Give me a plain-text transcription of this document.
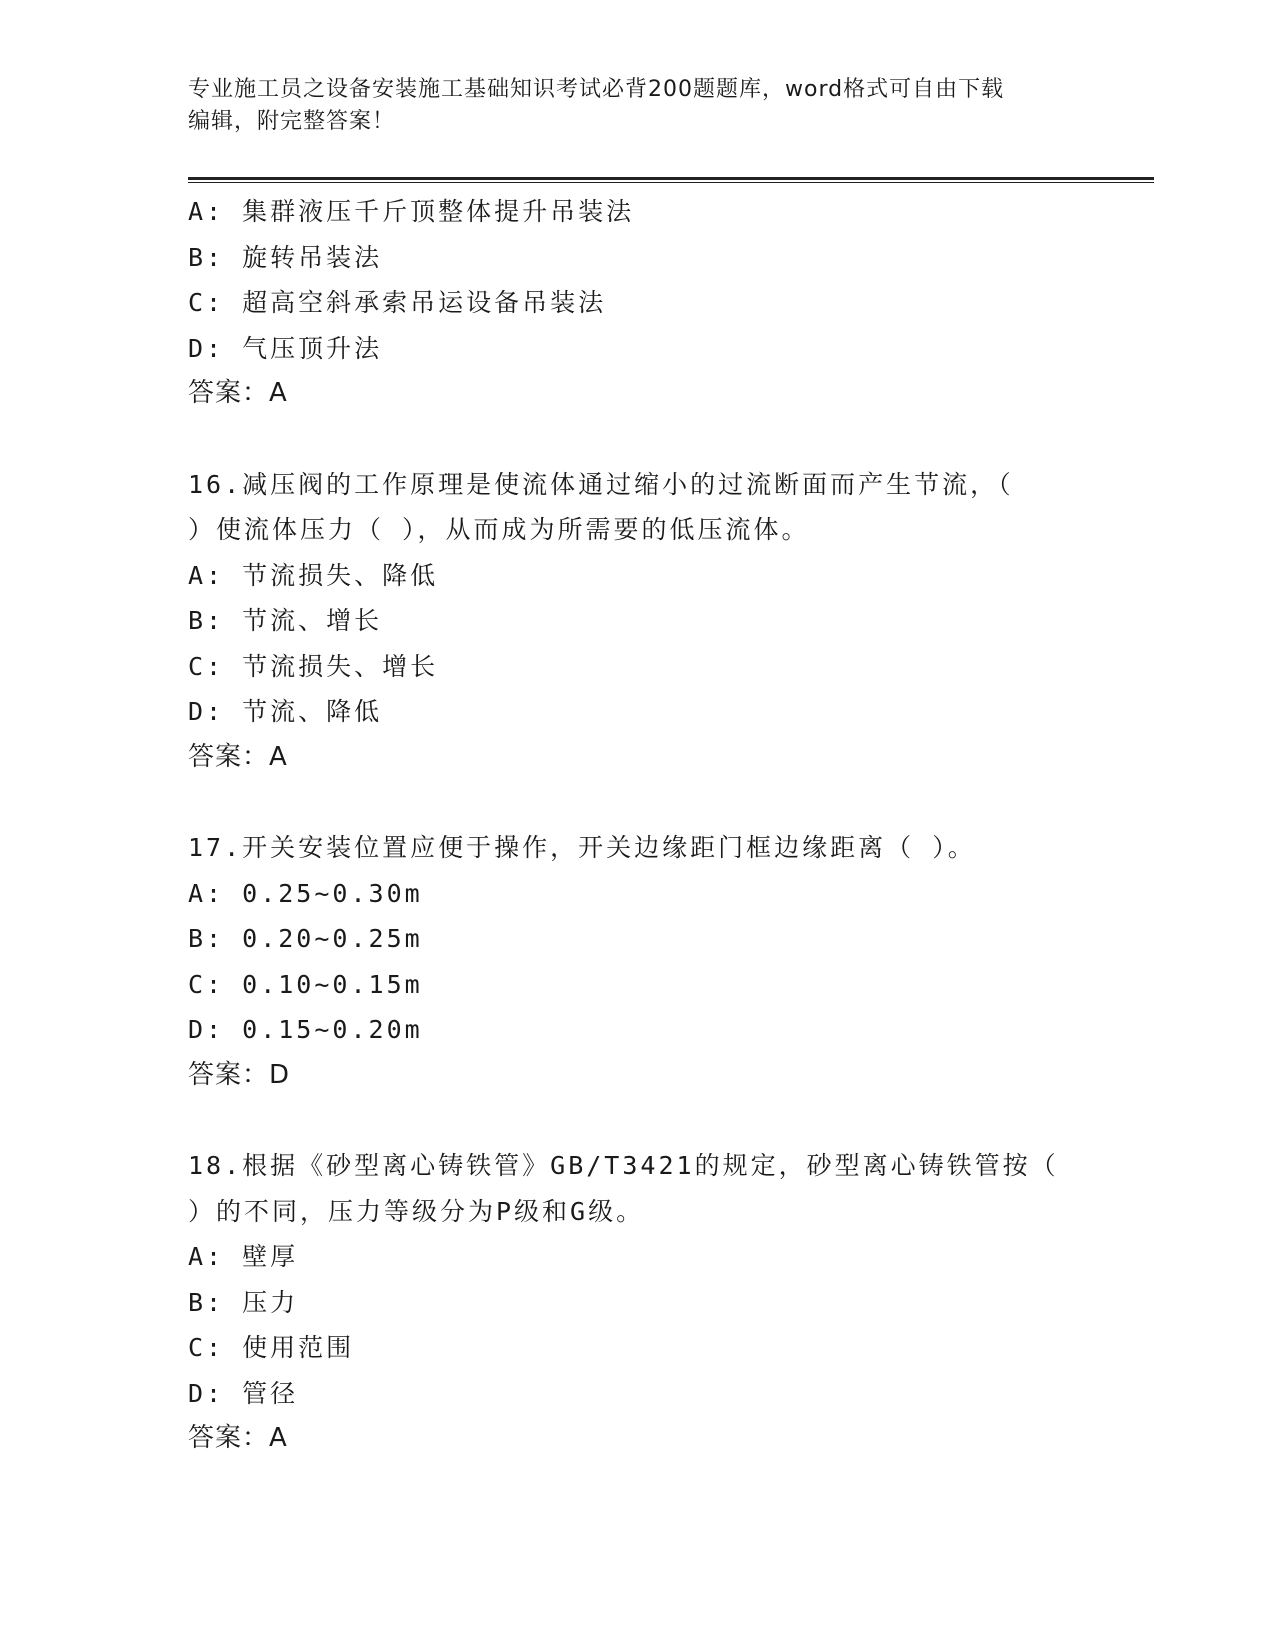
专业施工员之设备安装施工基础知识考试必背200题题库，word格式可自由下载
编辑，附完整答案！
A: 集群液压千斤顶整体提升吊装法
B: 旋转吊装法
C: 超高空斜承索吊运设备吊装法
D: 气压顶升法
答案：A
16.减压阀的工作原理是使流体通过缩小的过流断面而产生节流，（
）使流体压力（ ），从而成为所需要的低压流体。
A: 节流损失、降低
B: 节流、增长
C: 节流损失、增长
D: 节流、降低
答案：A
17.开关安装位置应便于操作，开关边缘距门框边缘距离（ ）。
A: 0.25~0.30m
B: 0.20~0.25m
C: 0.10~0.15m
D: 0.15~0.20m
答案：D
18.根据《砂型离心铸铁管》GB/T3421的规定，砂型离心铸铁管按（
）的不同，压力等级分为P级和G级。
A: 壁厚
B: 压力
C: 使用范围
D: 管径
答案：A
